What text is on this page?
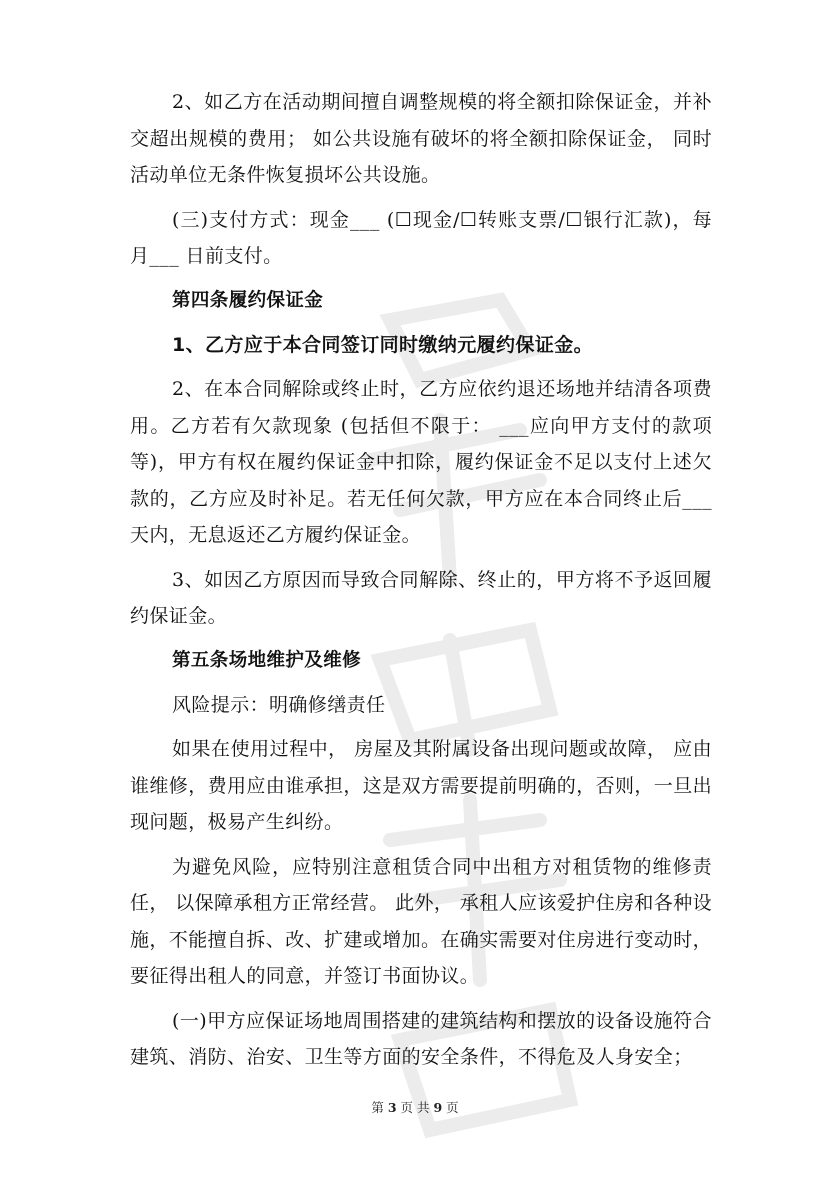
2、如乙方在活动期间擅自调整规模的将全额扣除保证金，并补交超出规模的费用； 如公共设施有破坏的将全额扣除保证金， 同时活动单位无条件恢复损坏公共设施。

(三)支付方式：现金___ (☐现金/☐转账支票/☐银行汇款)，每月___ 日前支付。

第四条履约保证金

1、乙方应于本合同签订同时缴纳元履约保证金。

2、在本合同解除或终止时，乙方应依约退还场地并结清各项费用。乙方若有欠款现象 (包括但不限于： ___应向甲方支付的款项等)，甲方有权在履约保证金中扣除，履约保证金不足以支付上述欠款的，乙方应及时补足。若无任何欠款，甲方应在本合同终止后___天内，无息返还乙方履约保证金。

3、如因乙方原因而导致合同解除、终止的，甲方将不予返回履约保证金。

第五条场地维护及维修

风险提示：明确修缮责任

如果在使用过程中， 房屋及其附属设备出现问题或故障， 应由谁维修，费用应由谁承担，这是双方需要提前明确的，否则，一旦出现问题，极易产生纠纷。

为避免风险，应特别注意租赁合同中出租方对租赁物的维修责任， 以保障承租方正常经营。 此外， 承租人应该爱护住房和各种设施，不能擅自拆、改、扩建或增加。在确实需要对住房进行变动时，要征得出租人的同意，并签订书面协议。

(一)甲方应保证场地周围搭建的建筑结构和摆放的设备设施符合建筑、消防、治安、卫生等方面的安全条件，不得危及人身安全；

第 3 页 共 9 页
